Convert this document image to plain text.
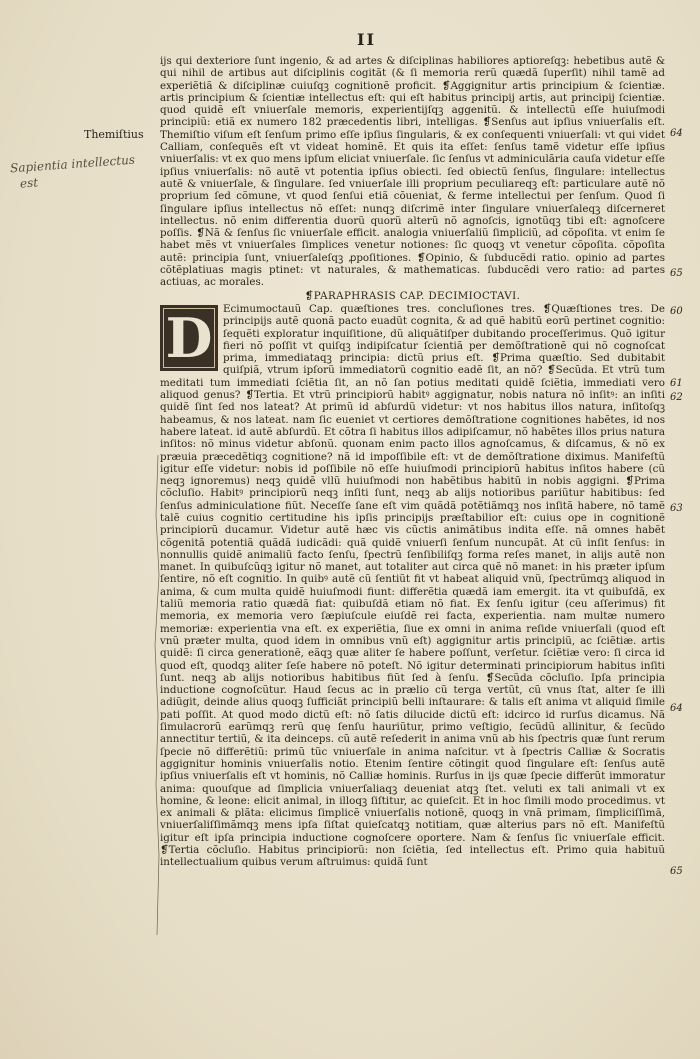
II
Themiſtius
Sapientia intellectus
est
64
65
60
61
62
63
64
65

ijs qui dexteriore ſunt ingenio, & ad artes & diſciplinas habiliores aptioreſqꝫ: hebetibus autẽ & qui nihil de artibus aut diſciplinis cogitãt (& ſi memoria rerũ quædã ſuperſit) nihil tamẽ ad experiẽtiã & diſciplinæ cuiuſqꝫ cognitionẽ proficit. ❡Aggignitur artis principium & ſcientiæ. artis principium & ſcientiæ intellectus eſt: qui eſt habitus principij artis, aut principij ſcientiæ. quod quidẽ eſt vniuerſale memoris, experientijſqꝫ aggenitũ. & intellectũ eſſe huiuſmodi principiũ: etiã ex numero 182 præcedentis libri, intelligas. ❡Senſus aut ipſius vniuerſalis eſt. Themiſtio viſum eſt ſenſum primo eſſe ipſius ſingularis, & ex conſequenti vniuerſali: vt qui videt Calliam, conſequẽs eſt vt videat hominẽ. Et quis ita eſſet: ſenſus tamẽ videtur eſſe ipſius vniuerſalis: vt ex quo mens ipſum eliciat vniuerſale. ſic ſenſus vt adminiculãria cauſa videtur eſſe ipſius vniuerſalis: nõ autẽ vt potentia ipſius obiecti. ſed obiectũ ſenſus, ſingulare: intellectus autẽ & vniuerſale, & ſingulare. ſed vniuerſale illi proprium peculiareqꝫ eſt: particulare autẽ nõ proprium ſed cõmune, vt quod ſenſui etiã cõueniat, & ferme intellectui per ſenſum. Quod ſi ſingulare ipſius intellectus nõ eſſet: nunqꝫ diſcrimẽ inter ſingulare vniuerſaleqꝫ diſcerneret intellectus. nõ enim differentia duorũ quorũ alterũ nõ agnoſcis, ignotũqꝫ tibi eſt: agnoſcere poſſis. ❡Nã & ſenſus ſic vniuerſale efficit. analogia vniuerſaliũ ſimpliciũ, ad cõpoſita. vt enim ſe habet mẽs vt vniuerſales ſimplices venetur notiones: ſic quoqꝫ vt venetur cõpoſita. cõpoſita autẽ: principia ſunt, vniuerſaleſqꝫ ꝓpoſitiones. ❡Opinio, & ſubducẽdi ratio. opinio ad partes cõtẽplatiuas magis ptinet: vt naturales, & mathematicas. ſubducẽdi vero ratio: ad partes actiuas, ac morales.

❡PARAPHRASIS CAP. DECIMIOCTAVI.
D	Ecimumoctauũ Cap. quæſtiones tres. concluſiones tres. ❡Quæſtiones tres. De principijs autẽ quonã pacto euadũt cognita, & ad quẽ habitũ eorũ pertinet cognitio: ſequẽti exploratur inquiſitione, dũ aliquãtiſper dubitando proceſſerimus. Quõ igitur fieri nõ poſſit vt quiſqꝫ indipiſcatur ſcientiã per demõſtrationẽ qui nõ cognoſcat prima, immediataqꝫ principia: dictũ prius eſt. ❡Prima quæſtio. Sed dubitabit quiſpiã, vtrum ipſorũ immediatorũ cognitio eadẽ ſit, an nõ? ❡Secũda. Et vtrũ tum meditati tum immediati ſciẽtia ſit, an nõ ſan potius meditati quidẽ ſciẽtia, immediati vero aliquod genus? ❡Tertia. Et vtrũ principiorũ habitꝰ aggignatur, nobis natura nõ inſitꝰ: an inſiti quidẽ ſint ſed nos lateat? At primũ id abſurdũ videtur: vt nos habitus illos natura, inſitoſqꝫ habeamus, & nos lateat. nam ſic eueniet vt certiores demõſtratione cognitiones habẽtes, id nos habere lateat. id autẽ abſurdũ. Et cõtra ſi habitus illos adipiſcamur, nõ habẽtes illos prius natura inſitos: nõ minus videtur abſonũ. quonam enim pacto illos agnoſcamus, & diſcamus, & nõ ex præuia præcedẽtiqꝫ cognitione? nã id impoſſibile eſt: vt de demõſtratione diximus. Manifeſtũ igitur eſſe videtur: nobis id poſſibile nõ eſſe huiuſmodi principiorũ habitus inſitos habere (cũ neqꝫ ignoremus) neqꝫ quidẽ vllũ huiuſmodi non habẽtibus habitũ in nobis aggigni. ❡Prima cõcluſio. Habitꝰ principiorũ neqꝫ inſiti ſunt, neqꝫ ab alijs notioribus pariũtur habitibus: ſed ſenſus adminiculatione fiũt. Neceſſe ſane eſt vim quãdã potẽtiãmqꝫ nos inſitã habere, nõ tamẽ talẽ cuius cognitio certitudine his ipſis principijs præſtabilior eſt: cuius ope in cognitionẽ principiorũ ducamur. Videtur autẽ hæc vis cũctis animãtibus indita eſſe. nã omnes habẽt cõgenitã potentiã quãdã iudicãdi: quã quidẽ vniuerſi ſenſum nuncupãt. At cũ inſit ſenſus: in nonnullis quidẽ animaliũ facto ſenſu, ſpectrũ ſenſibiliſqꝫ forma reſes manet, in alijs autẽ non manet. In quibuſcũqꝫ igitur nõ manet, aut totaliter aut circa quẽ nõ manet: in his præter ipſum ſentire, nõ eſt cognitio. In quibꝰ autẽ cũ ſentiũt fit vt habeat aliquid vnũ, ſpectrũmqꝫ aliquod in anima, & cum multa quidẽ huiuſmodi fiunt: differẽtia quædã iam emergit. ita vt quibuſdã, ex taliũ memoria ratio quædã fiat: quibuſdã etiam nõ fiat. Ex ſenſu igitur (ceu aſſerimus) fit memoria, ex memoria vero ſæpiuſcule eiuſdẽ rei facta, experientia. nam multæ numero memoriæ: experientia vna eſt. ex experiẽtia, ſiue ex omni in anima reſide vniuerſali (quod eſt vnũ præter multa, quod idem in omnibus vnũ eſt) aggignitur artis principiũ, ac ſciẽtiæ. artis quidẽ: ſi circa generationẽ, eãqꝫ quæ aliter ſe habere poſſunt, verſetur. ſciẽtiæ vero: ſi circa id quod eſt, quodqꝫ aliter ſeſe habere nõ poteſt. Nõ igitur determinati principiorum habitus inſiti ſunt. neqꝫ ab alijs notioribus habitibus fiũt ſed à ſenſu. ❡Secũda cõcluſio. Ipſa principia inductione cognoſcũtur. Haud ſecus ac in prælio cũ terga vertũt, cũ vnus ſtat, alter ſe illi adiũgit, deinde alius quoqꝫ ſufficiãt principiũ belli inſtaurare: & talis eſt anima vt aliquid ſimile pati poſſit. At quod modo dictũ eſt: nõ ſatis dilucide dictũ eſt: idcirco id rurſus dicamus. Nã ſimulacrorũ earũmqꝫ rerũ quę ſenſu hauriũtur, primo veſtigio, ſecũdũ allinitur, & ſecũdo annectitur tertiũ, & ita deinceps. cũ autẽ reſederit in anima vnũ ab his ſpectris quæ ſunt rerum ſpecie nõ differẽtiũ: primũ tũc vniuerſale in anima naſcitur. vt à ſpectris Calliæ & Socratis aggignitur hominis vniuerſalis notio. Etenim ſentire cõtingit quod ſingulare eſt: ſenſus autẽ ipſius vniuerſalis eſt vt hominis, nõ Calliæ hominis. Rurſus in ijs quæ ſpecie differũt immoratur anima: quouſque ad ſimplicia vniuerſaliaqꝫ deueniat atqꝫ ſtet. veluti ex tali animali vt ex homine, & leone: elicit animal, in illoqꝫ ſiſtitur, ac quieſcit. Et in hoc ſimili modo procedimus. vt ex animali & plãta: elicimus ſimplicẽ vniuerſalis notionẽ, quoqꝫ in vnã primam, ſimpliciſſimã, vniuerſaliſſimãmqꝫ mens ipſa ſiſtat quieſcatqꝫ notitiam, quæ alterius pars nõ eſt. Manifeſtũ igitur eſt ipſa principia inductione cognoſcere oportere. Nam & ſenſus ſic vniuerſale efficit. ❡Tertia cõcluſio. Habitus principiorũ: non ſciẽtia, ſed intellectus eſt. Primo quia habituũ intellectualium quibus verum aſtruimus: quidã ſunt
